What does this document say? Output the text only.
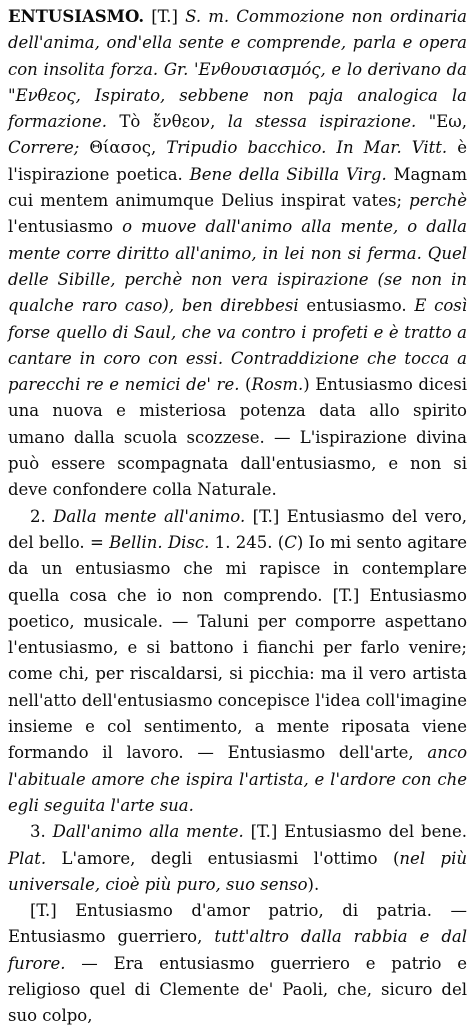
ENTUSIASMO. [T.] S. m. Commozione non ordinaria dell'anima, ond'ella sente e comprende, parla e opera con insolita forza. Gr. 'Ενθουσιασμός, e lo derivano da "Ενθεος, Ispirato, sebbene non paja analogica la formazione. Τὸ ἔνθεον, la stessa ispirazione. "Εω, Correre; Θίασος, Tripudio bacchico. In Mar. Vitt. è l'ispirazione poetica. Bene della Sibilla Virg. Magnam cui mentem animumque Delius inspirat vates; perchè l'entusiasmo o muove dall'animo alla mente, o dalla mente corre diritto all'animo, in lei non si ferma. Quel delle Sibille, perchè non vera ispirazione (se non in qualche raro caso), ben direbbesi entusiasmo. E così forse quello di Saul, che va contro i profeti e è tratto a cantare in coro con essi. Contraddizione che tocca a parecchi re e nemici de' re. (Rosm.) Entusiasmo dicesi una nuova e misteriosa potenza data allo spirito umano dalla scuola scozzese. — L'ispirazione divina può essere scompagnata dall'entusiasmo, e non si deve confondere colla Naturale.

2. Dalla mente all'animo. [T.] Entusiasmo del vero, del bello. = Bellin. Disc. 1. 245. (C) Io mi sento agitare da un entusiasmo che mi rapisce in contemplare quella cosa che io non comprendo. [T.] Entusiasmo poetico, musicale. — Taluni per comporre aspettano l'entusiasmo, e si battono i fianchi per farlo venire; come chi, per riscaldarsi, si picchia: ma il vero artista nell'atto dell'entusiasmo concepisce l'idea coll'imagine insieme e col sentimento, a mente riposata viene formando il lavoro. — Entusiasmo dell'arte, anco l'abituale amore che ispira l'artista, e l'ardore con che egli seguita l'arte sua.

3. Dall'animo alla mente. [T.] Entusiasmo del bene. Plat. L'amore, degli entusiasmi l'ottimo (nel più universale, cioè più puro, suo senso).

[T.] Entusiasmo d'amor patrio, di patria. — Entusiasmo guerriero, tutt'altro dalla rabbia e dal furore. — Era entusiasmo guerriero e patrio e religioso quel di Clemente de' Paoli, che, sicuro del suo colpo,
